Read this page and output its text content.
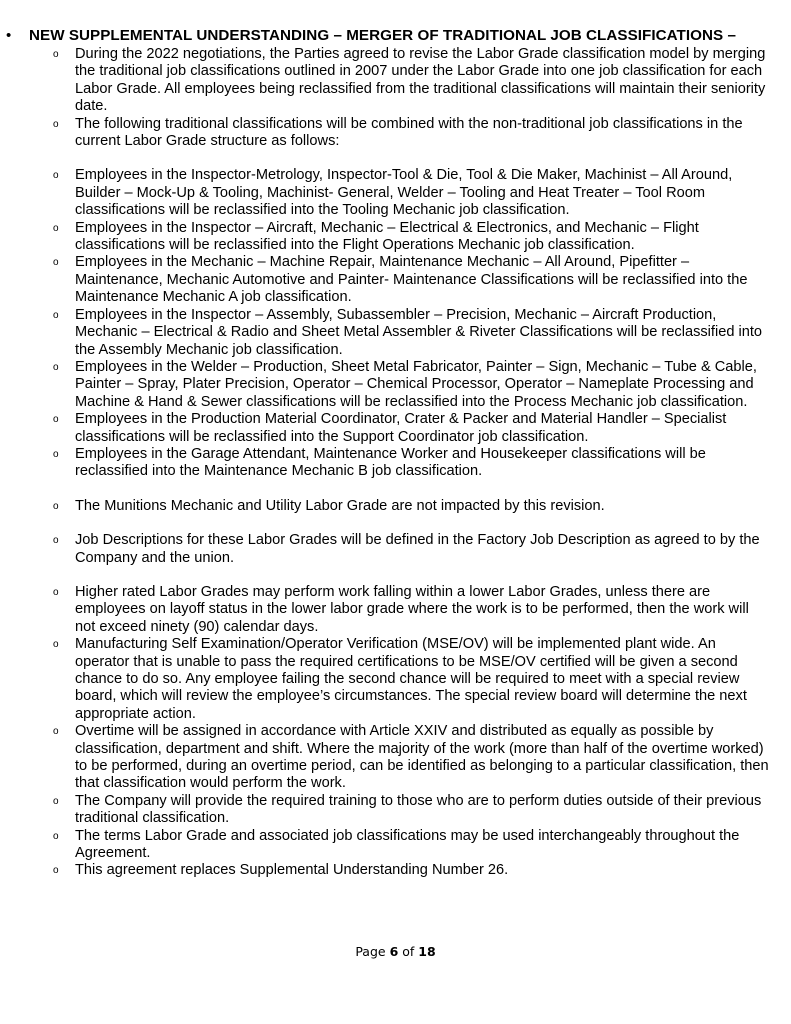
• NEW SUPPLEMENTAL UNDERSTANDING – MERGER OF TRADITIONAL JOB CLASSIFICATIONS –
o During the 2022 negotiations, the Parties agreed to revise the Labor Grade classification model by merging the traditional job classifications outlined in 2007 under the Labor Grade into one job classification for each Labor Grade. All employees being reclassified from the traditional classifications will maintain their seniority date.
o The following traditional classifications will be combined with the non-traditional job classifications in the current Labor Grade structure as follows:
o Employees in the Inspector-Metrology, Inspector-Tool & Die, Tool & Die Maker, Machinist – All Around, Builder – Mock-Up & Tooling, Machinist- General, Welder – Tooling and Heat Treater – Tool Room classifications will be reclassified into the Tooling Mechanic job classification.
o Employees in the Inspector – Aircraft, Mechanic – Electrical & Electronics, and Mechanic – Flight classifications will be reclassified into the Flight Operations Mechanic job classification.
o Employees in the Mechanic – Machine Repair, Maintenance Mechanic – All Around, Pipefitter – Maintenance, Mechanic Automotive and Painter- Maintenance Classifications will be reclassified into the Maintenance Mechanic A job classification.
o Employees in the Inspector – Assembly, Subassembler – Precision, Mechanic – Aircraft Production, Mechanic – Electrical & Radio and Sheet Metal Assembler & Riveter Classifications will be reclassified into the Assembly Mechanic job classification.
o Employees in the Welder – Production, Sheet Metal Fabricator, Painter – Sign, Mechanic – Tube & Cable, Painter – Spray, Plater Precision, Operator – Chemical Processor, Operator – Nameplate Processing and Machine & Hand & Sewer classifications will be reclassified into the Process Mechanic job classification.
o Employees in the Production Material Coordinator, Crater & Packer and Material Handler – Specialist classifications will be reclassified into the Support Coordinator job classification.
o Employees in the Garage Attendant, Maintenance Worker and Housekeeper classifications will be reclassified into the Maintenance Mechanic B job classification.
o The Munitions Mechanic and Utility Labor Grade are not impacted by this revision.
o Job Descriptions for these Labor Grades will be defined in the Factory Job Description as agreed to by the Company and the union.
o Higher rated Labor Grades may perform work falling within a lower Labor Grades, unless there are employees on layoff status in the lower labor grade where the work is to be performed, then the work will not exceed ninety (90) calendar days.
o Manufacturing Self Examination/Operator Verification (MSE/OV) will be implemented plant wide. An operator that is unable to pass the required certifications to be MSE/OV certified will be given a second chance to do so. Any employee failing the second chance will be required to meet with a special review board, which will review the employee’s circumstances. The special review board will determine the next appropriate action.
o Overtime will be assigned in accordance with Article XXIV and distributed as equally as possible by classification, department and shift. Where the majority of the work (more than half of the overtime worked) to be performed, during an overtime period, can be identified as belonging to a particular classification, then that classification would perform the work.
o The Company will provide the required training to those who are to perform duties outside of their previous traditional classification.
o The terms Labor Grade and associated job classifications may be used interchangeably throughout the Agreement.
o This agreement replaces Supplemental Understanding Number 26.
Page 6 of 18
